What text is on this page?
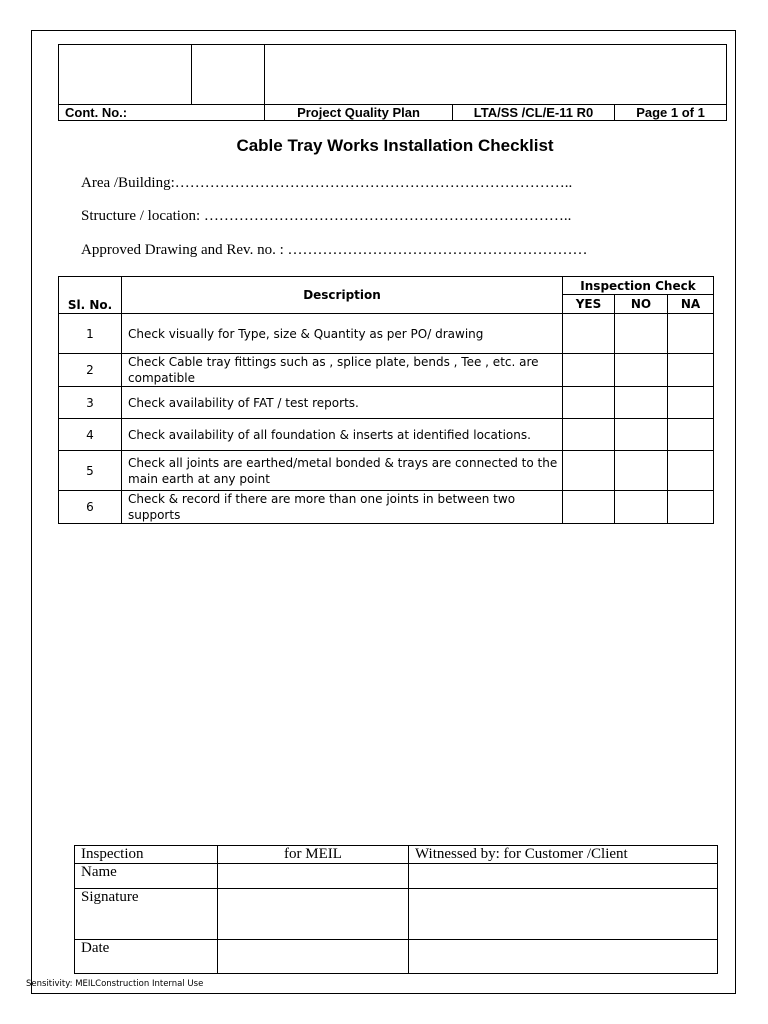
Cont. No.:		Project Quality Plan	LTA/SS /CL/E-11 R0	Page 1 of 1
Cable Tray Works Installation Checklist
Area /Building:……………………………………………………………………..
Structure / location: ………………………………………………………………..
Approved Drawing and Rev. no. : ……………………………………………………
Sl. No.	Description	Inspection Check		
		YES	NO	NA
1	Check visually for Type, size & Quantity as per PO/ drawing			
2	Check Cable tray fittings such as , splice plate, bends , Tee , etc. are compatible			
3	Check availability of FAT / test reports.			
4	Check availability of all foundation & inserts at identified locations.			
5	Check all joints are earthed/metal bonded & trays are connected to the main earth at any point			
6	Check & record if there are more than one joints in between two supports			
Inspection	for MEIL	Witnessed by: for Customer /Client
Name		
Signature		
Date		
Sensitivity: MEILConstruction Internal Use
